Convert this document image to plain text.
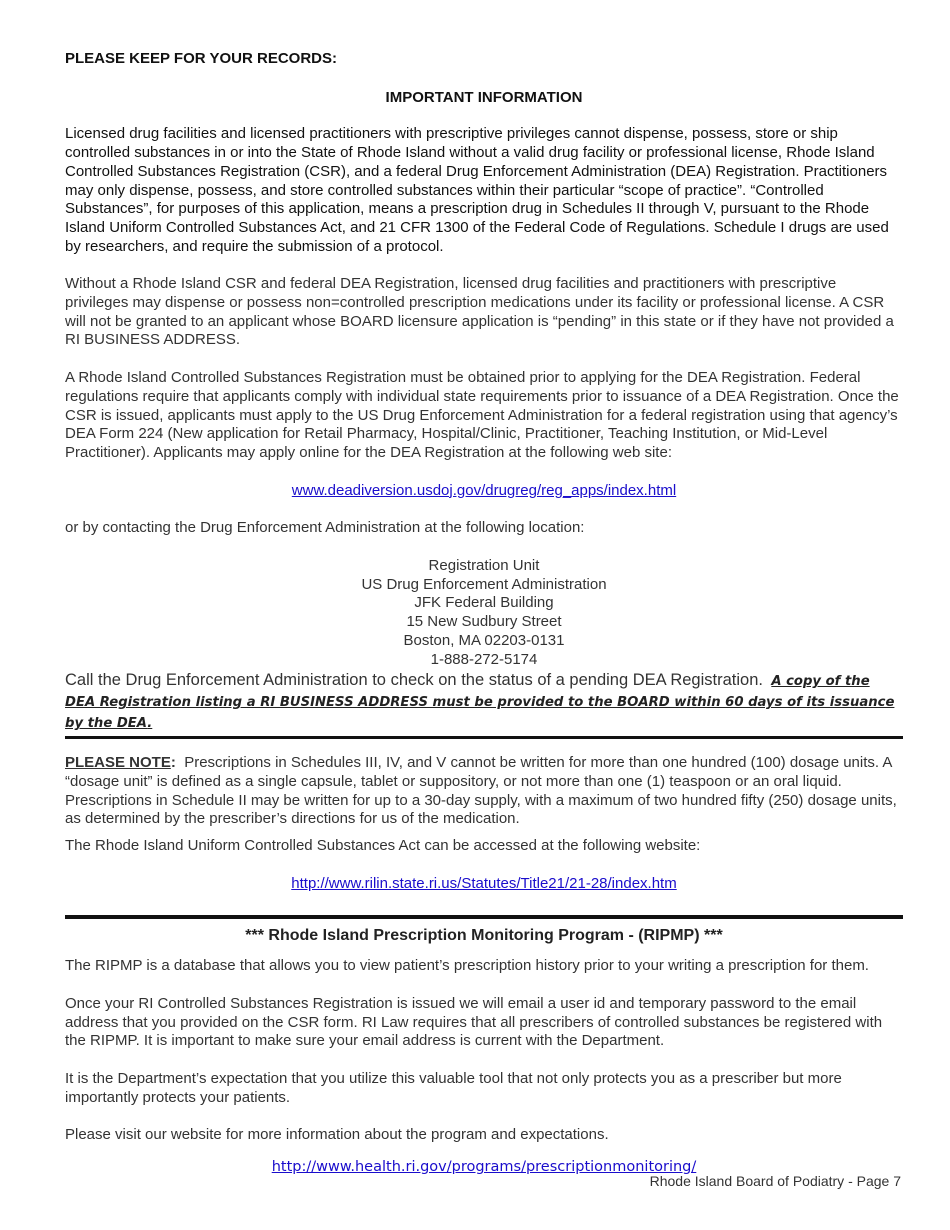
PLEASE KEEP FOR YOUR RECORDS:

IMPORTANT INFORMATION

Licensed drug facilities and licensed practitioners with prescriptive privileges cannot dispense, possess, store or ship controlled substances in or into the State of Rhode Island without a valid drug facility or professional license, Rhode Island Controlled Substances Registration (CSR), and a federal Drug Enforcement Administration (DEA) Registration. Practitioners may only dispense, possess, and store controlled substances within their particular “scope of practice”. “Controlled Substances”, for purposes of this application, means a prescription drug in Schedules II through V, pursuant to the Rhode Island Uniform Controlled Substances Act, and 21 CFR 1300 of the Federal Code of Regulations. Schedule I drugs are used by researchers, and require the submission of a protocol.

Without a Rhode Island CSR and federal DEA Registration, licensed drug facilities and practitioners with prescriptive privileges may dispense or possess non=controlled prescription medications under its facility or professional license. A CSR will not be granted to an applicant whose BOARD licensure application is “pending” in this state or if they have not provided a RI BUSINESS ADDRESS.

A Rhode Island Controlled Substances Registration must be obtained prior to applying for the DEA Registration. Federal regulations require that applicants comply with individual state requirements prior to issuance of a DEA Registration. Once the CSR is issued, applicants must apply to the US Drug Enforcement Administration for a federal registration using that agency’s DEA Form 224 (New application for Retail Pharmacy, Hospital/Clinic, Practitioner, Teaching Institution, or Mid-Level Practitioner). Applicants may apply online for the DEA Registration at the following web site:

www.deadiversion.usdoj.gov/drugreg/reg_apps/index.html

or by contacting the Drug Enforcement Administration at the following location:

Registration Unit
US Drug Enforcement Administration
JFK Federal Building
15 New Sudbury Street
Boston, MA 02203-0131
1-888-272-5174

Call the Drug Enforcement Administration to check on the status of a pending DEA Registration. A copy of the DEA Registration listing a RI BUSINESS ADDRESS must be provided to the BOARD within 60 days of its issuance by the DEA.

PLEASE NOTE: Prescriptions in Schedules III, IV, and V cannot be written for more than one hundred (100) dosage units. A “dosage unit” is defined as a single capsule, tablet or suppository, or not more than one (1) teaspoon or an oral liquid. Prescriptions in Schedule II may be written for up to a 30-day supply, with a maximum of two hundred fifty (250) dosage units, as determined by the prescriber’s directions for us of the medication.

The Rhode Island Uniform Controlled Substances Act can be accessed at the following website:

http://www.rilin.state.ri.us/Statutes/Title21/21-28/index.htm

*** Rhode Island Prescription Monitoring Program - (RIPMP) ***

The RIPMP is a database that allows you to view patient’s prescription history prior to your writing a prescription for them.

Once your RI Controlled Substances Registration is issued we will email a user id and temporary password to the email address that you provided on the CSR form. RI Law requires that all prescribers of controlled substances be registered with the RIPMP. It is important to make sure your email address is current with the Department.

It is the Department’s expectation that you utilize this valuable tool that not only protects you as a prescriber but more importantly protects your patients.

Please visit our website for more information about the program and expectations.

http://www.health.ri.gov/programs/prescriptionmonitoring/
Rhode Island Board of Podiatry - Page 7
